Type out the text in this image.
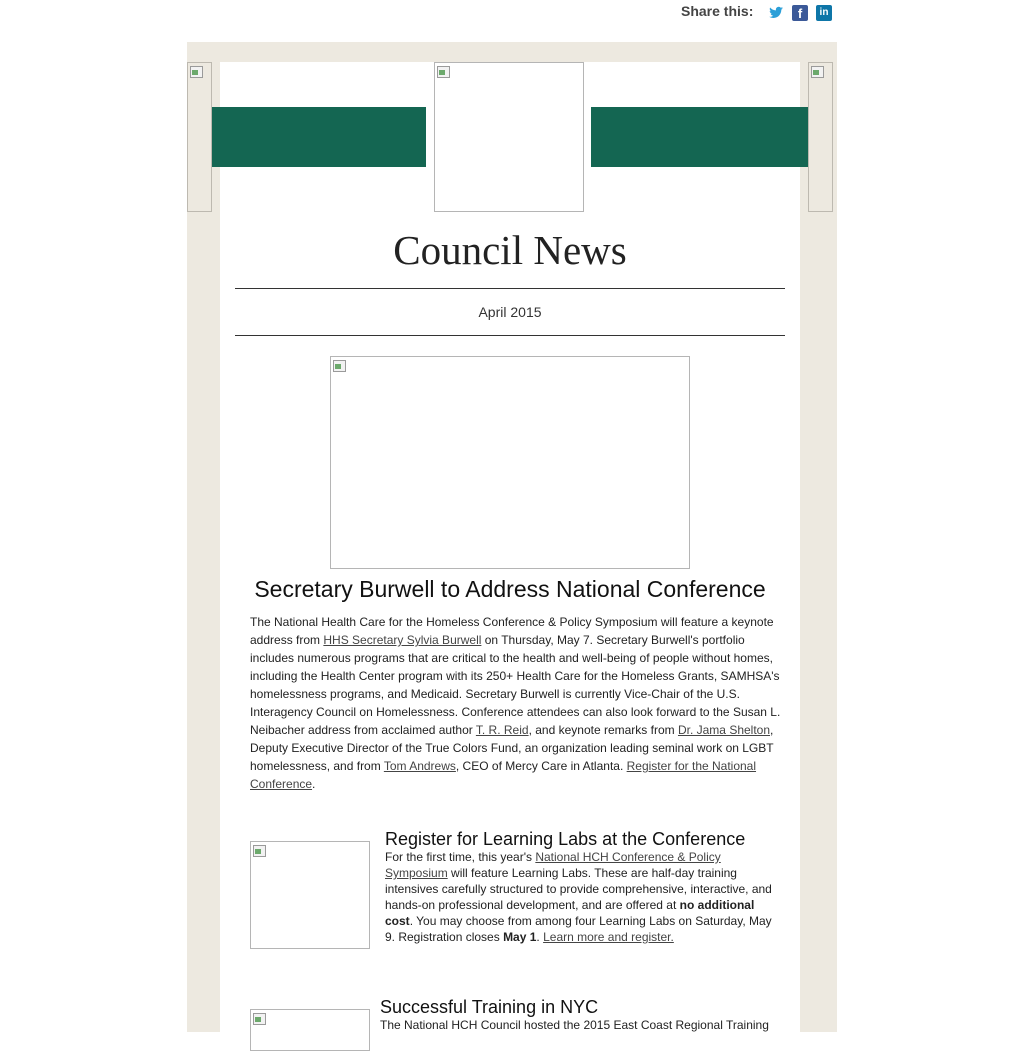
Share this:	f	in
Council News
April 2015
Secretary Burwell to Address National Conference
The National Health Care for the Homeless Conference & Policy Symposium will feature a keynote address from HHS Secretary Sylvia Burwell on Thursday, May 7. Secretary Burwell's portfolio includes numerous programs that are critical to the health and well-being of people without homes, including the Health Center program with its 250+ Health Care for the Homeless Grants, SAMHSA's homelessness programs, and Medicaid. Secretary Burwell is currently Vice-Chair of the U.S. Interagency Council on Homelessness. Conference attendees can also look forward to the Susan L. Neibacher address from acclaimed author T. R. Reid, and keynote remarks from Dr. Jama Shelton, Deputy Executive Director of the True Colors Fund, an organization leading seminal work on LGBT homelessness, and from Tom Andrews, CEO of Mercy Care in Atlanta. Register for the National Conference.
Register for Learning Labs at the Conference
For the first time, this year's National HCH Conference & Policy Symposium will feature Learning Labs. These are half-day training intensives carefully structured to provide comprehensive, interactive, and hands-on professional development, and are offered at no additional cost. You may choose from among four Learning Labs on Saturday, May 9. Registration closes May 1. Learn more and register.
Successful Training in NYC
The National HCH Council hosted the 2015 East Coast Regional Training
